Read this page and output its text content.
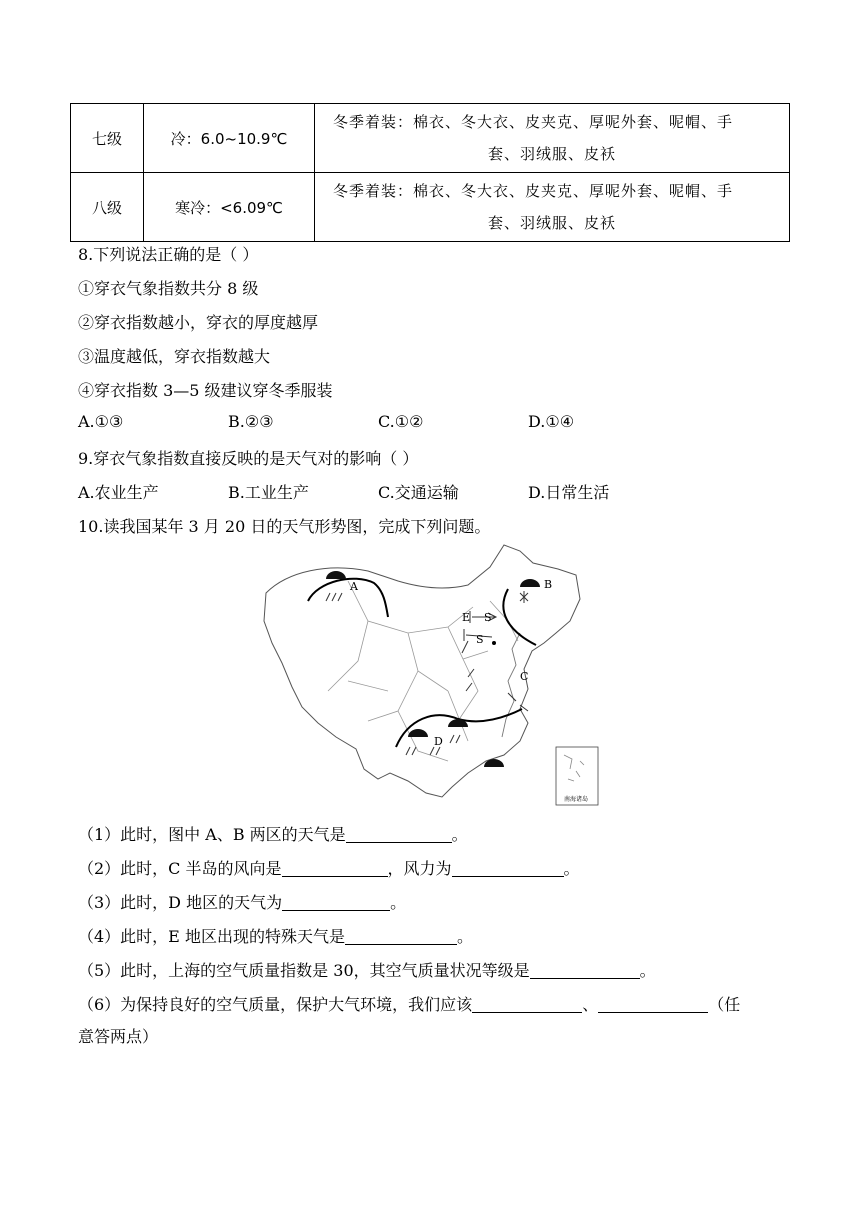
七级	冷：6.0~10.9℃	冬季着装：棉衣、冬大衣、皮夹克、厚呢外套、呢帽、手
套、羽绒服、皮袄

八级	寒冷：<6.09℃	冬季着装：棉衣、冬大衣、皮夹克、厚呢外套、呢帽、手
套、羽绒服、皮袄
8.下列说法正确的是（ ）
①穿衣气象指数共分 8 级
②穿衣指数越小，穿衣的厚度越厚
③温度越低，穿衣指数越大
④穿衣指数 3—5 级建议穿冬季服装
A.①③	B.②③	C.①②	D.①④
9.穿衣气象指数直接反映的是天气对的影响（ ）
A.农业生产	B.工业生产	C.交通运输	D.日常生活
10.读我国某年 3 月 20 日的天气形势图，完成下列问题。
A	B
C
D
E S
S
南海诸岛
（1）此时，图中 A、B 两区的天气是	。
（2）此时，C 半岛的风向是	，风力为	。
（3）此时，D 地区的天气为	。
（4）此时，E 地区出现的特殊天气是	。
（5）此时，上海的空气质量指数是 30，其空气质量状况等级是	。
（6）为保持良好的空气质量，保护大气环境，我们应该	、	（任
意答两点）
